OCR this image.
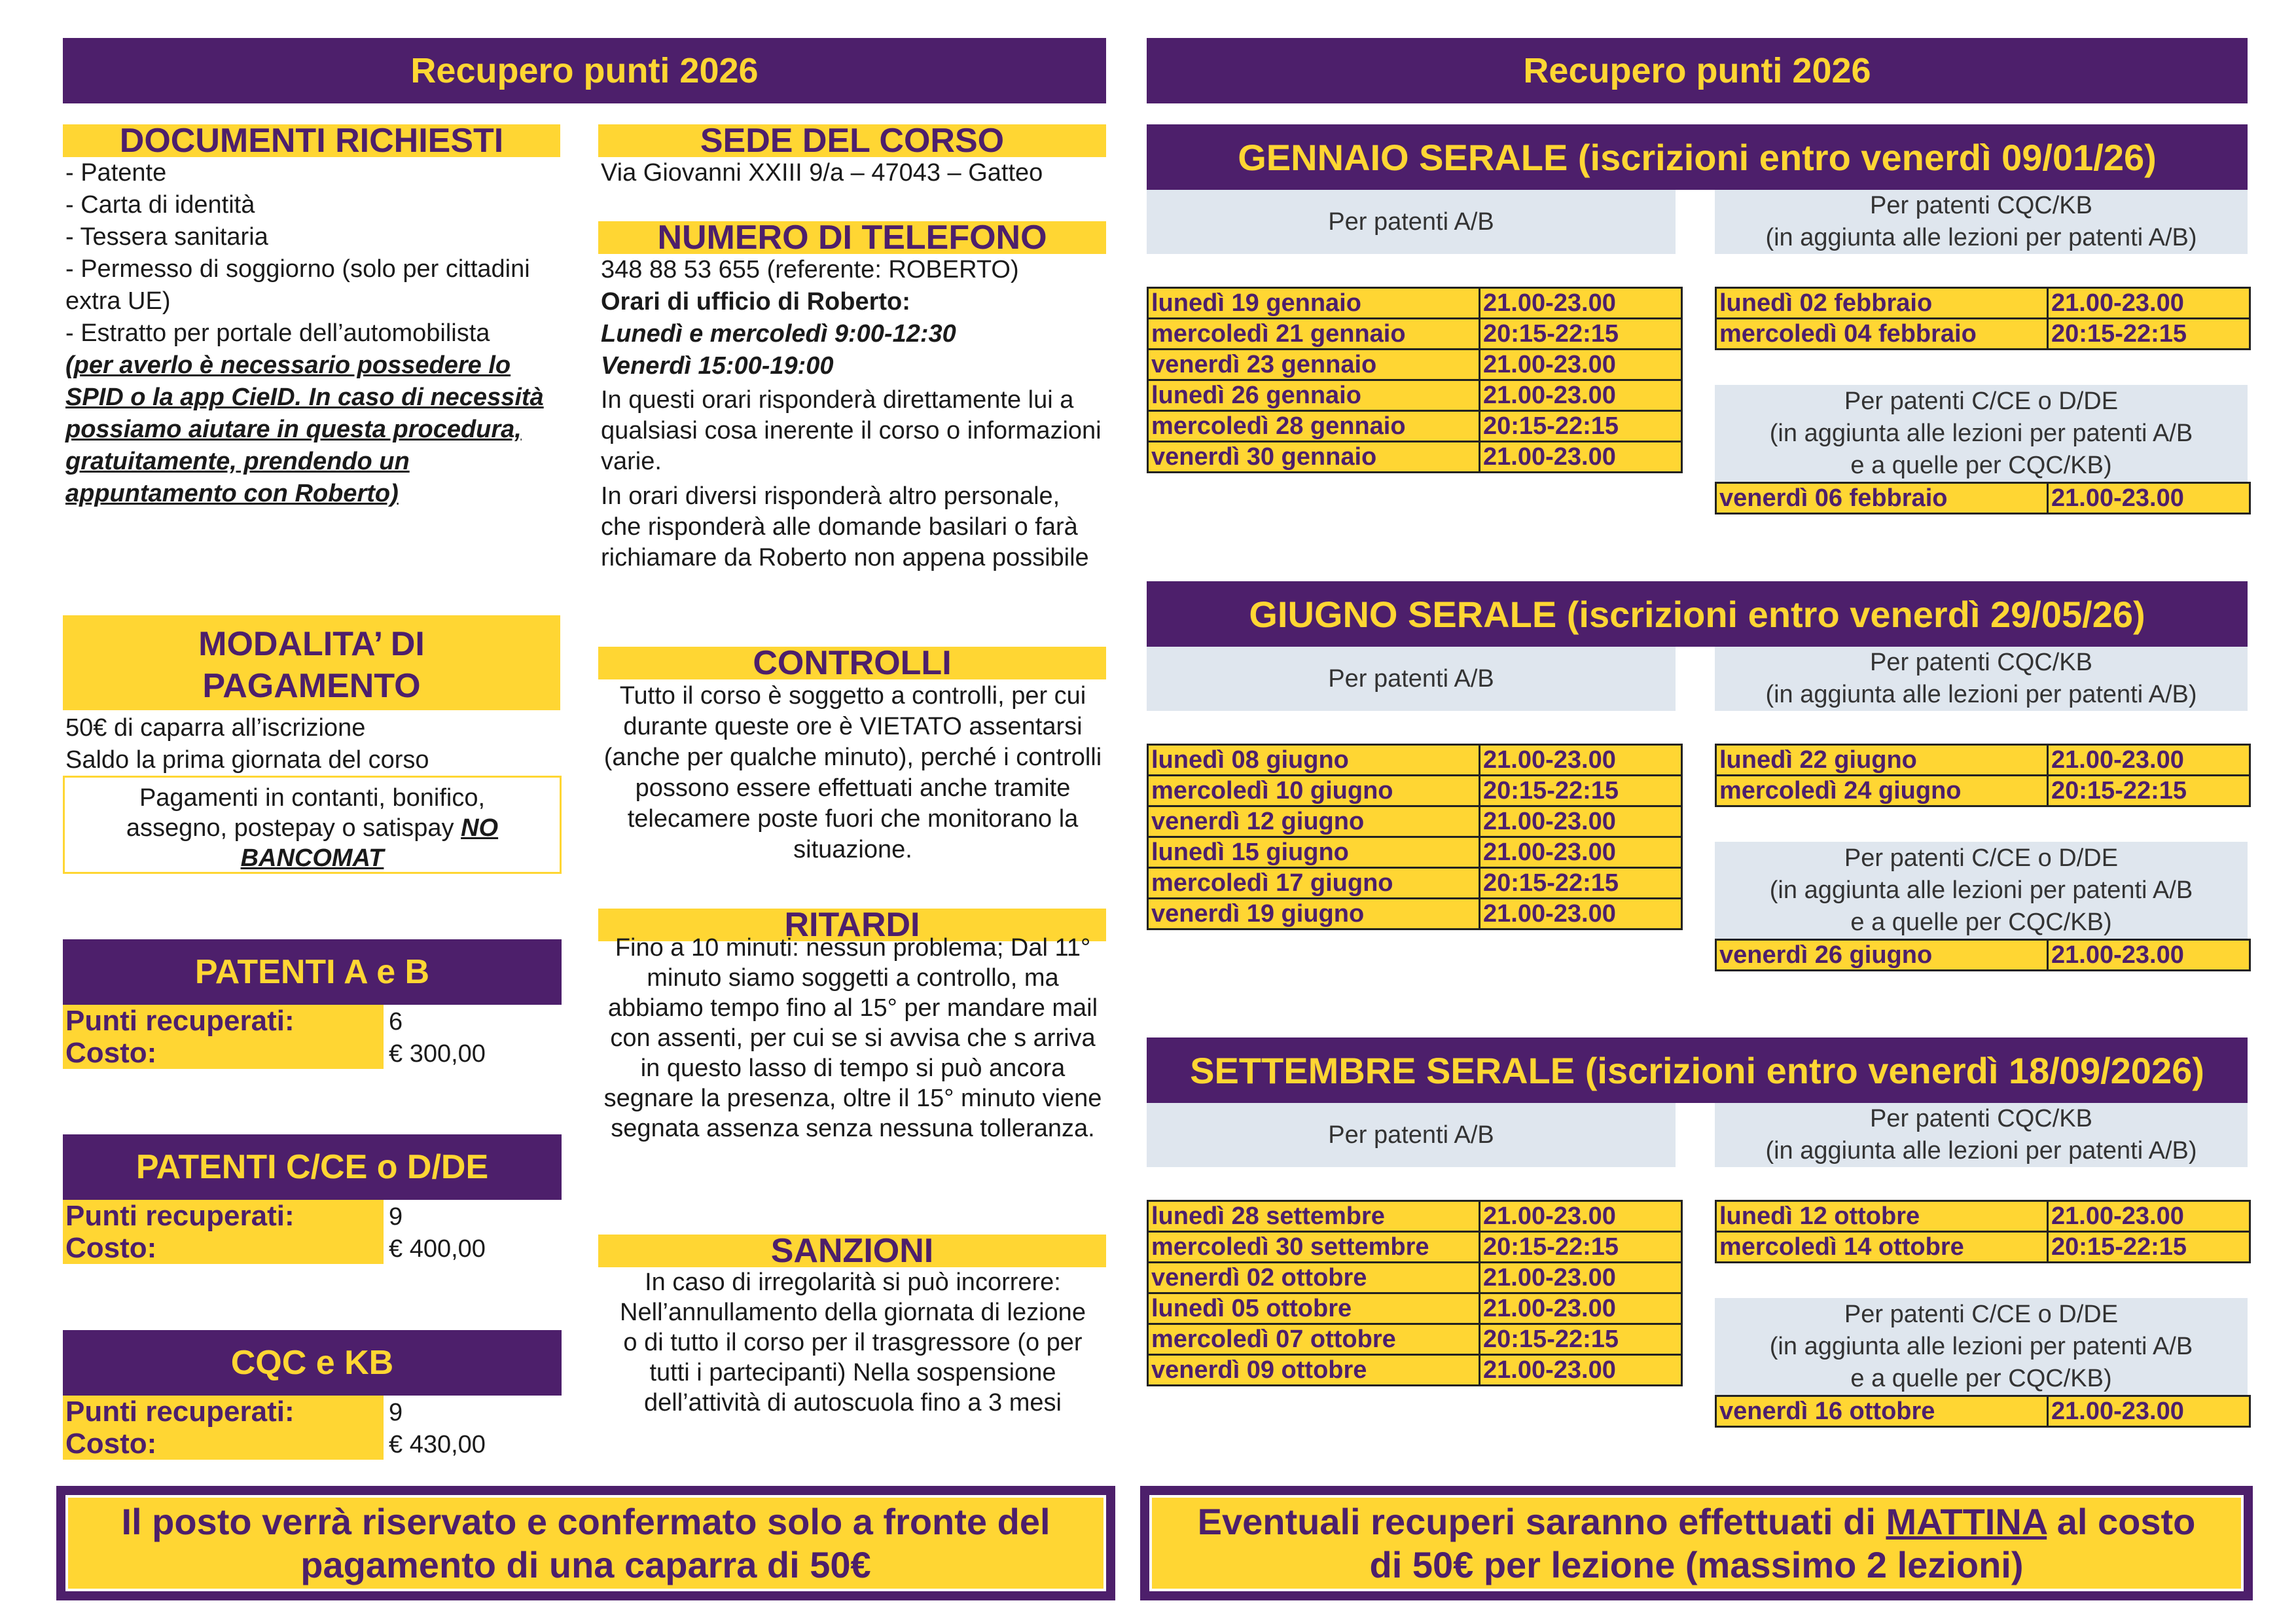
Recupero punti 2026
DOCUMENTI RICHIESTI
- Patente
- Carta di identità
- Tessera sanitaria
- Permesso di soggiorno (solo per cittadini extra UE)
- Estratto per portale dell’automobilista
(per averlo è necessario possedere lo SPID o la app CieID. In caso di necessità possiamo aiutare in questa procedura, gratuitamente, prendendo un appuntamento con Roberto)
MODALITA’ DI PAGAMENTO
50€ di caparra all’iscrizione
Saldo la prima giornata del corso
Pagamenti in contanti, bonifico, assegno, postepay o satispay NO BANCOMAT
PATENTI A e B
Punti recuperati:	6
Costo:	€ 300,00
PATENTI C/CE o D/DE
Punti recuperati:	9
Costo:	€ 400,00
CQC e KB
Punti recuperati:	9
Costo:	€ 430,00
SEDE DEL CORSO
Via Giovanni XXIII 9/a – 47043 – Gatteo
NUMERO DI TELEFONO
348 88 53 655 (referente: ROBERTO)
Orari di ufficio di Roberto:
Lunedì e mercoledì 9:00-12:30
Venerdì 15:00-19:00
In questi orari risponderà direttamente lui a qualsiasi cosa inerente il corso o informazioni varie.
In orari diversi risponderà altro personale, che risponderà alle domande basilari o farà richiamare da Roberto non appena possibile
CONTROLLI
Tutto il corso è soggetto a controlli, per cui durante queste ore è VIETATO assentarsi (anche per qualche minuto), perché i controlli possono essere effettuati anche tramite telecamere poste fuori che monitorano la situazione.
RITARDI
Fino a 10 minuti: nessun problema; Dal 11° minuto siamo soggetti a controllo, ma abbiamo tempo fino al 15° per mandare mail con assenti, per cui se si avvisa che s arriva in questo lasso di tempo si può ancora segnare la presenza, oltre il 15° minuto viene segnata assenza senza nessuna tolleranza.
SANZIONI
In caso di irregolarità si può incorrere: Nell’annullamento della giornata di lezione o di tutto il corso per il trasgressore (o per tutti i partecipanti) Nella sospensione dell’attività di autoscuola fino a 3 mesi
Il posto verrà riservato e confermato solo a fronte del pagamento di una caparra di 50€
Recupero punti 2026
GENNAIO SERALE (iscrizioni entro venerdì 09/01/26)
Per patenti A/B
Per patenti CQC/KB
(in aggiunta alle lezioni per patenti A/B)
lunedì 19 gennaio	21.00-23.00
mercoledì 21 gennaio	20:15-22:15
venerdì 23 gennaio	21.00-23.00
lunedì 26 gennaio	21.00-23.00
mercoledì 28 gennaio	20:15-22:15
venerdì 30 gennaio	21.00-23.00
lunedì 02 febbraio	21.00-23.00
mercoledì 04 febbraio	20:15-22:15
Per patenti C/CE o D/DE
(in aggiunta alle lezioni per patenti A/B
e a quelle per CQC/KB)
venerdì 06 febbraio	21.00-23.00
GIUGNO SERALE (iscrizioni entro venerdì 29/05/26)
Per patenti A/B
Per patenti CQC/KB
(in aggiunta alle lezioni per patenti A/B)
lunedì 08 giugno	21.00-23.00
mercoledì 10 giugno	20:15-22:15
venerdì 12 giugno	21.00-23.00
lunedì 15 giugno	21.00-23.00
mercoledì 17 giugno	20:15-22:15
venerdì 19 giugno	21.00-23.00
lunedì 22 giugno	21.00-23.00
mercoledì 24 giugno	20:15-22:15
Per patenti C/CE o D/DE
(in aggiunta alle lezioni per patenti A/B
e a quelle per CQC/KB)
venerdì 26 giugno	21.00-23.00
SETTEMBRE SERALE (iscrizioni entro venerdì 18/09/2026)
Per patenti A/B
Per patenti CQC/KB
(in aggiunta alle lezioni per patenti A/B)
lunedì 28 settembre	21.00-23.00
mercoledì 30 settembre	20:15-22:15
venerdì 02 ottobre	21.00-23.00
lunedì 05 ottobre	21.00-23.00
mercoledì 07 ottobre	20:15-22:15
venerdì 09 ottobre	21.00-23.00
lunedì 12 ottobre	21.00-23.00
mercoledì 14 ottobre	20:15-22:15
Per patenti C/CE o D/DE
(in aggiunta alle lezioni per patenti A/B
e a quelle per CQC/KB)
venerdì 16 ottobre	21.00-23.00
Eventuali recuperi saranno effettuati di MATTINA al costo di 50€ per lezione (massimo 2 lezioni)
